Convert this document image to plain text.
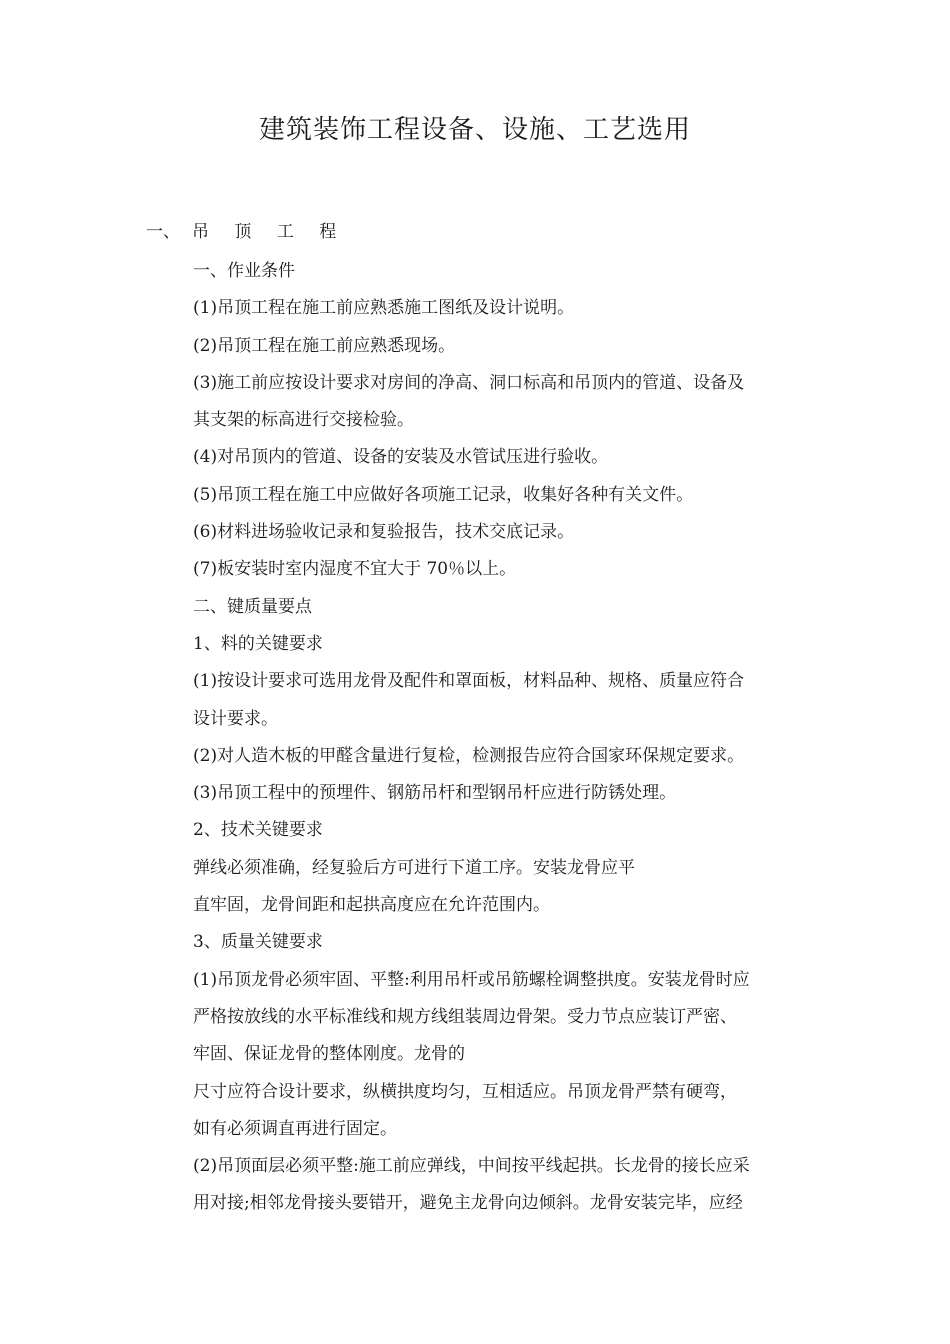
建筑装饰工程设备、设施、工艺选用
一、 吊 顶 工 程
一、作业条件
(1)吊顶工程在施工前应熟悉施工图纸及设计说明。
(2)吊顶工程在施工前应熟悉现场。
(3)施工前应按设计要求对房间的净高、洞口标高和吊顶内的管道、设备及
其支架的标高进行交接检验。
(4)对吊顶内的管道、设备的安装及水管试压进行验收。
(5)吊顶工程在施工中应做好各项施工记录，收集好各种有关文件。
(6)材料进场验收记录和复验报告，技术交底记录。
(7)板安装时室内湿度不宜大于 70％以上。
二、键质量要点
1、料的关键要求
(1)按设计要求可选用龙骨及配件和罩面板，材料品种、规格、质量应符合
设计要求。
(2)对人造木板的甲醛含量进行复检，检测报告应符合国家环保规定要求。
(3)吊顶工程中的预埋件、钢筋吊杆和型钢吊杆应进行防锈处理。
2、技术关键要求
弹线必须准确，经复验后方可进行下道工序。安装龙骨应平
直牢固，龙骨间距和起拱高度应在允许范围内。
3、质量关键要求
(1)吊顶龙骨必须牢固、平整:利用吊杆或吊筋螺栓调整拱度。安装龙骨时应
严格按放线的水平标准线和规方线组装周边骨架。受力节点应装订严密、
牢固、保证龙骨的整体刚度。龙骨的
尺寸应符合设计要求，纵横拱度均匀，互相适应。吊顶龙骨严禁有硬弯，
如有必须调直再进行固定。
(2)吊顶面层必须平整:施工前应弹线，中间按平线起拱。长龙骨的接长应采
用对接;相邻龙骨接头要错开，避免主龙骨向边倾斜。龙骨安装完毕，应经
